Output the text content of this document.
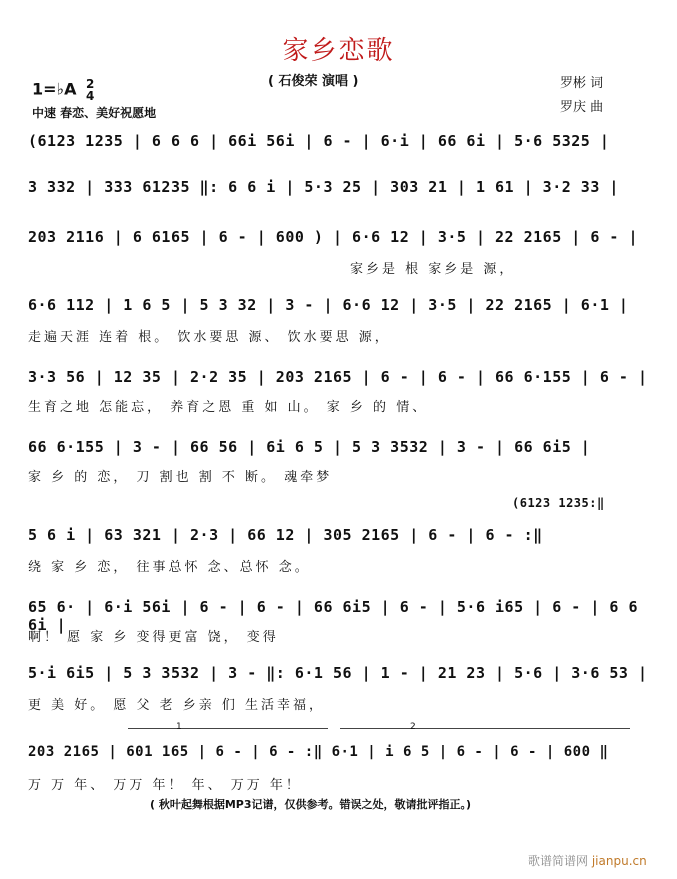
家乡恋歌
( 石俊荣 演唱 )
1=♭A 2
4
中速 春恋、美好祝愿地
罗彬 词
罗庆 曲
(6123 1235 | 6 6 6 | 66i 56i | 6 - | 6·i | 66 6i | 5·6 5325 |
3 332 | 333 61235 ‖: 6 6 i | 5·3 25 | 303 21 | 1 61 | 3·2 33 |
203 2116 | 6 6165 | 6 - | 600 ) | 6·6 12 | 3·5 | 22 2165 | 6 - |
家乡是 根 家乡是 源，
6·6 112 | 1 6 5 | 5 3 32 | 3 - | 6·6 12 | 3·5 | 22 2165 | 6·1 |
走遍天涯 连着 根。 饮水要思 源、 饮水要思 源，
3·3 56 | 12 35 | 2·2 35 | 203 2165 | 6 - | 6 - | 66 6·155 | 6 - |
生育之地 怎能忘， 养育之恩 重 如 山。 家 乡 的 情、
66 6·155 | 3 - | 66 56 | 6i 6 5 | 5 3 3532 | 3 - | 66 6i5 |
家 乡 的 恋， 刀 割也 割 不 断。 魂牵梦
(6123 1235:‖
5 6 i | 63 321 | 2·3 | 66 12 | 305 2165 | 6 - | 6 - :‖
绕 家 乡 恋， 往事总怀 念、总怀 念。
65 6· | 6·i 56i | 6 - | 6 - | 66 6i5 | 6 - | 5·6 i65 | 6 - | 6 6 6i |
啊！ 愿 家 乡 变得更富 饶， 变得
5·i 6i5 | 5 3 3532 | 3 - ‖: 6·1 56 | 1 - | 21 23 | 5·6 | 3·6 53 |
更 美 好。 愿 父 老 乡亲 们 生活幸福，
1	2
203 2165 | 601 165 | 6 - | 6 - :‖ 6·1 | i 6 5 | 6 - | 6 - | 600 ‖
万 万 年、 万万 年！ 年、 万万 年！
( 秋叶起舞根据MP3记谱，仅供参考。错误之处，敬请批评指正。)
歌谱简谱网 jianpu.cn
